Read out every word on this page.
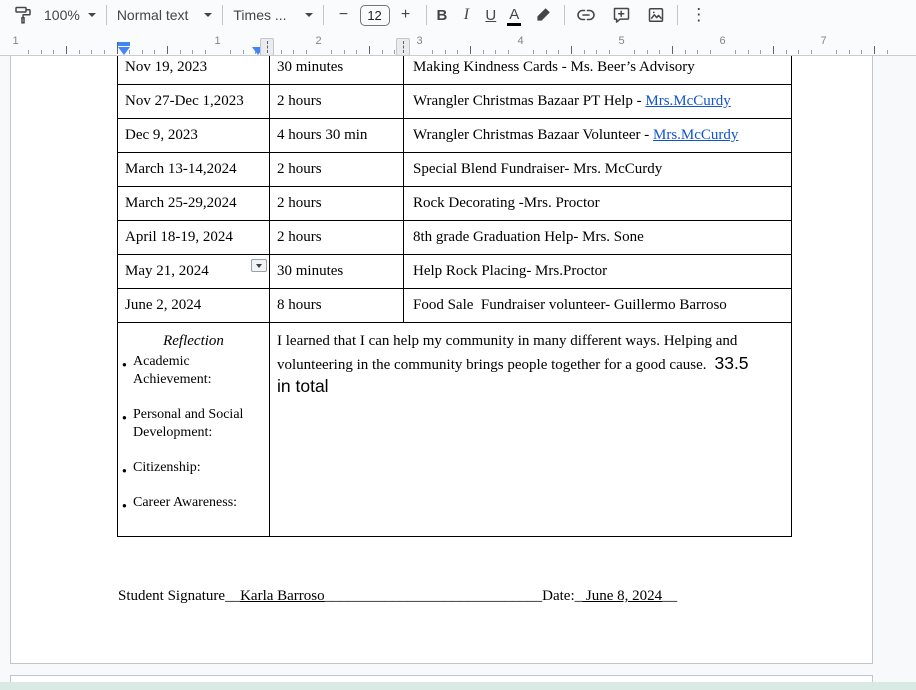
100%	Normal text	Times ...	−	12	+	B I U A	⋮
1	1	2	3	4	5	6	7
Nov 19, 2023	30 minutes	Making Kindness Cards - Ms. Beer’s Advisory
Nov 27-Dec 1,2023	2 hours	Wrangler Christmas Bazaar PT Help - Mrs.McCurdy
Dec 9, 2023	4 hours 30 min	Wrangler Christmas Bazaar Volunteer - Mrs.McCurdy
March 13-14,2024	2 hours	Special Blend Fundraiser- Mrs. McCurdy
March 25-29,2024	2 hours	Rock Decorating -Mrs. Proctor
April 18-19, 2024	2 hours	8th grade Graduation Help- Mrs. Sone
May 21, 2024	30 minutes	Help Rock Placing- Mrs.Proctor
June 2, 2024	8 hours	Food Sale  Fundraiser volunteer- Guillermo Barroso

Reflection
● Academic Achievement:
● Personal and Social Development:
● Citizenship:
● Career Awareness:
	I learned that I can help my community in many different ways. Helping and volunteering in the community brings people together for a good cause. 33.5 in total
Student Signature__Karla Barroso_____________________________Date:_ June 8, 2024__
